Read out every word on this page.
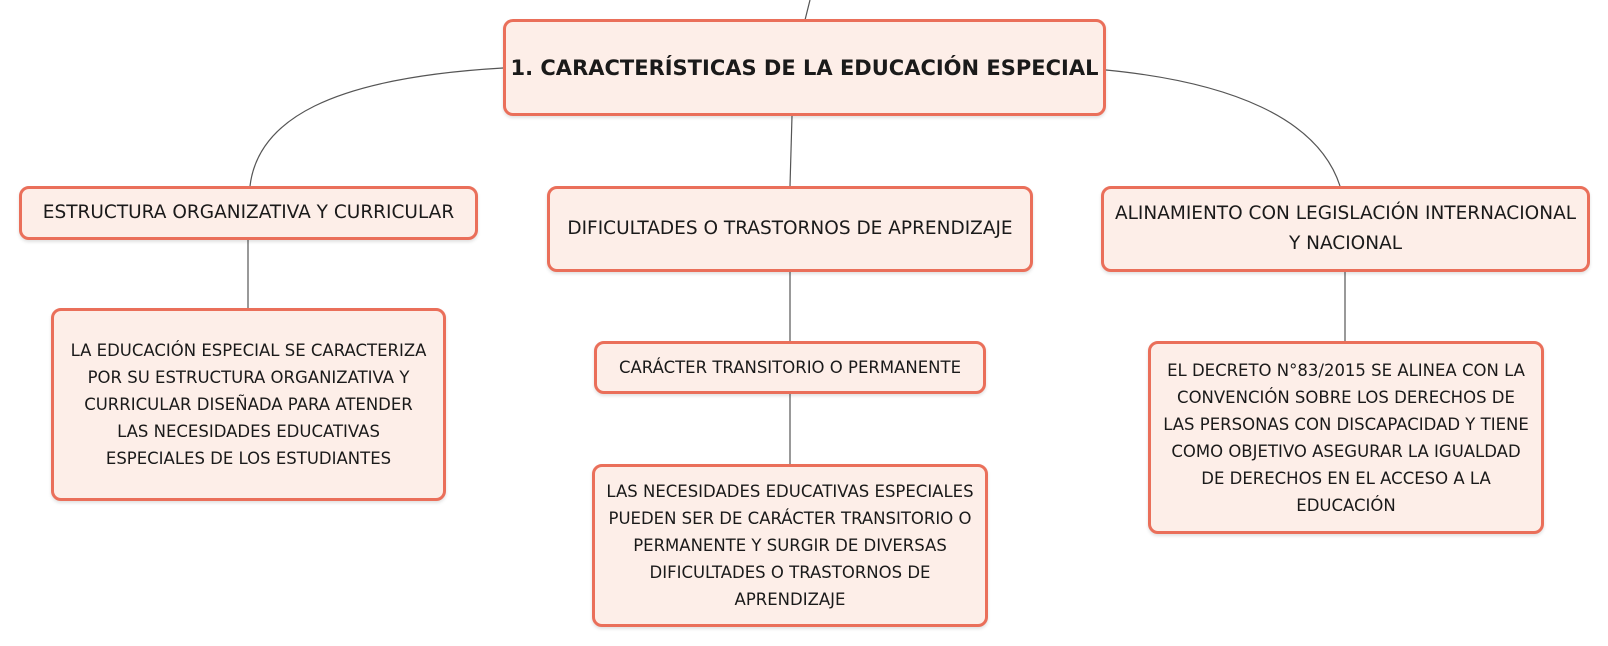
1. CARACTERÍSTICAS DE LA EDUCACIÓN ESPECIAL
ESTRUCTURA ORGANIZATIVA Y CURRICULAR
DIFICULTADES O TRASTORNOS DE APRENDIZAJE
ALINAMIENTO CON LEGISLACIÓN INTERNACIONAL Y NACIONAL
LA EDUCACIÓN ESPECIAL SE CARACTERIZA POR SU ESTRUCTURA ORGANIZATIVA Y CURRICULAR DISEÑADA PARA ATENDER LAS NECESIDADES EDUCATIVAS ESPECIALES DE LOS ESTUDIANTES
CARÁCTER TRANSITORIO O PERMANENTE
LAS NECESIDADES EDUCATIVAS ESPECIALES PUEDEN SER DE CARÁCTER TRANSITORIO O PERMANENTE Y SURGIR DE DIVERSAS DIFICULTADES O TRASTORNOS DE APRENDIZAJE
EL DECRETO N°83/2015 SE ALINEA CON LA CONVENCIÓN SOBRE LOS DERECHOS DE LAS PERSONAS CON DISCAPACIDAD Y TIENE COMO OBJETIVO ASEGURAR LA IGUALDAD DE DERECHOS EN EL ACCESO A LA EDUCACIÓN
